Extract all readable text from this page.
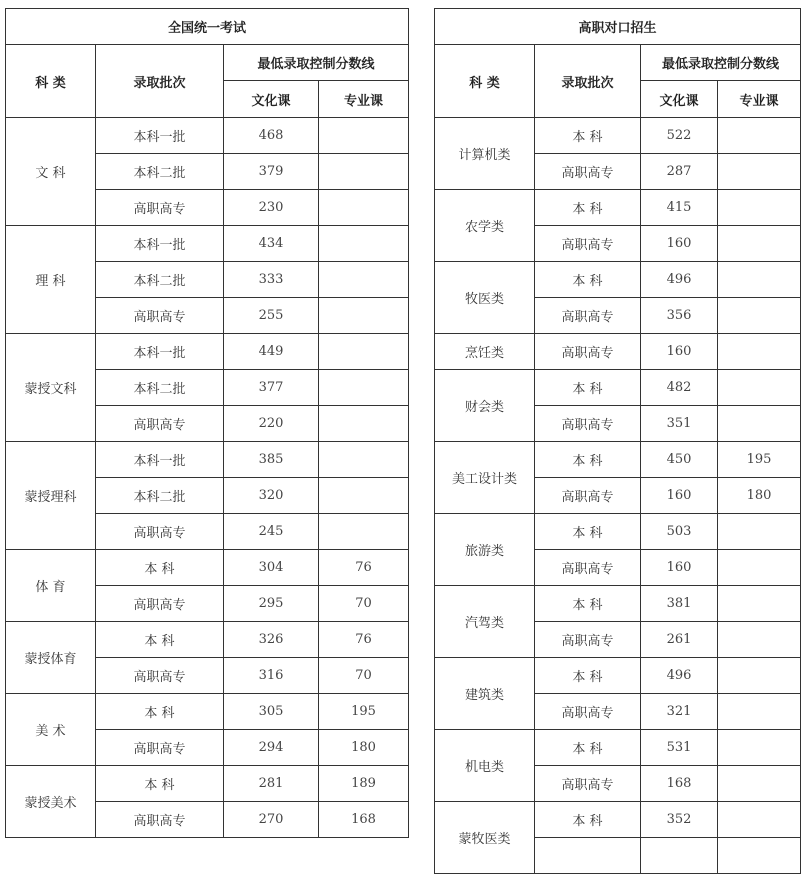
全国统一考试			
科 类	录取批次	最低录取控制分数线	
		文化课	专业课
文 科	本科一批	468	
	本科二批	379	
	高职高专	230	
理 科	本科一批	434	
	本科二批	333	
	高职高专	255	
蒙授文科	本科一批	449	
	本科二批	377	
	高职高专	220	
蒙授理科	本科一批	385	
	本科二批	320	
	高职高专	245	
体 育	本 科	304	76
	高职高专	295	70
蒙授体育	本 科	326	76
	高职高专	316	70
美 术	本 科	305	195
	高职高专	294	180
蒙授美术	本 科	281	189
	高职高专	270	168
高职对口招生			
科 类	录取批次	最低录取控制分数线	
		文化课	专业课
计算机类	本 科	522	
	高职高专	287	
农学类	本 科	415	
	高职高专	160	
牧医类	本 科	496	
	高职高专	356	
烹饪类	高职高专	160	
财会类	本 科	482	
	高职高专	351	
美工设计类	本 科	450	195
	高职高专	160	180
旅游类	本 科	503	
	高职高专	160	
汽驾类	本 科	381	
	高职高专	261	
建筑类	本 科	496	
	高职高专	321	
机电类	本 科	531	
	高职高专	168	
蒙牧医类	本 科	352	
